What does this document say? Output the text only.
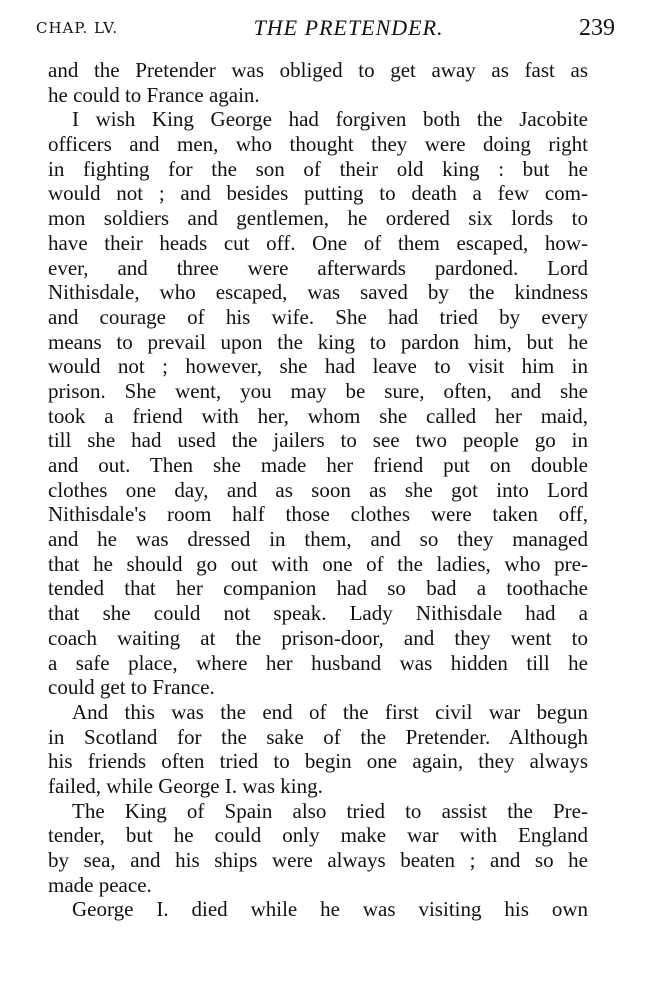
CHAP. LV.	THE PRETENDER.	239
and the Pretender was obliged to get away as fast as
he could to France again.
I wish King George had forgiven both the Jacobite
officers and men, who thought they were doing right
in fighting for the son of their old king : but he
would not ; and besides putting to death a few com-
mon soldiers and gentlemen, he ordered six lords to
have their heads cut off. One of them escaped, how-
ever, and three were afterwards pardoned. Lord
Nithisdale, who escaped, was saved by the kindness
and courage of his wife. She had tried by every
means to prevail upon the king to pardon him, but he
would not ; however, she had leave to visit him in
prison. She went, you may be sure, often, and she
took a friend with her, whom she called her maid,
till she had used the jailers to see two people go in
and out. Then she made her friend put on double
clothes one day, and as soon as she got into Lord
Nithisdale's room half those clothes were taken off,
and he was dressed in them, and so they managed
that he should go out with one of the ladies, who pre-
tended that her companion had so bad a toothache
that she could not speak. Lady Nithisdale had a
coach waiting at the prison-door, and they went to
a safe place, where her husband was hidden till he
could get to France.
And this was the end of the first civil war begun
in Scotland for the sake of the Pretender. Although
his friends often tried to begin one again, they always
failed, while George I. was king.
The King of Spain also tried to assist the Pre-
tender, but he could only make war with England
by sea, and his ships were always beaten ; and so he
made peace.
George I. died while he was visiting his own
